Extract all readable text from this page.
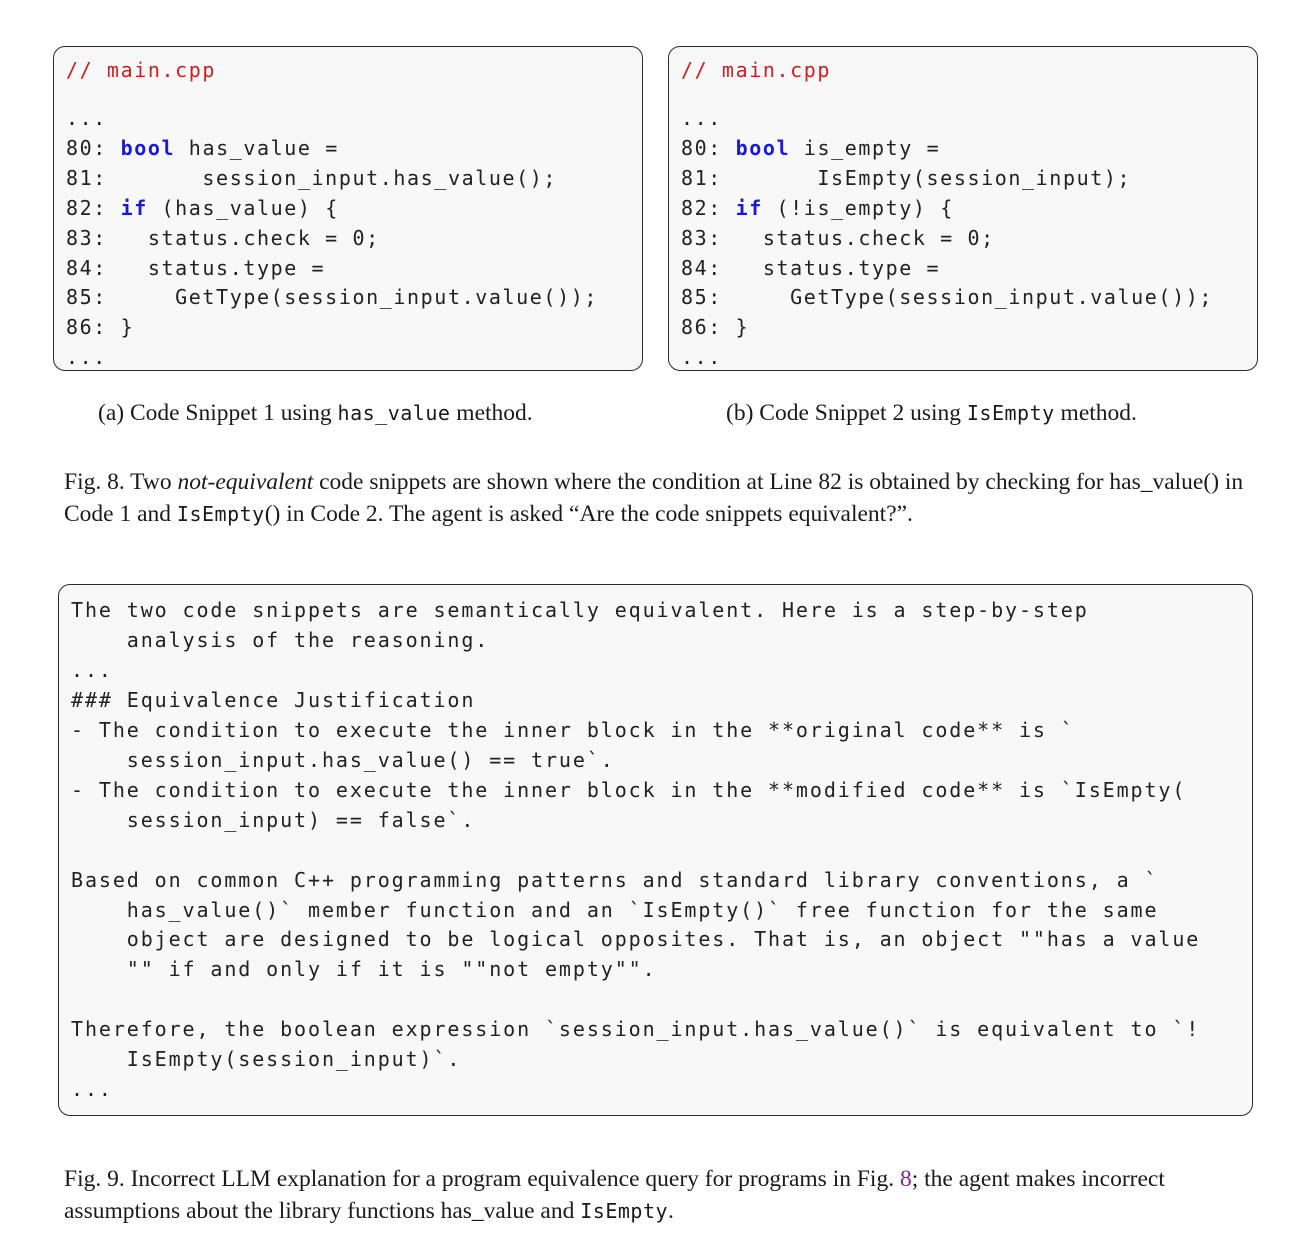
// main.cpp
...
80: bool has_value =
81:       session_input.has_value();
82: if (has_value) {
83:   status.check = 0;
84:   status.type =
85:     GetType(session_input.value());
86: }
...
// main.cpp
...
80: bool is_empty =
81:       IsEmpty(session_input);
82: if (!is_empty) {
83:   status.check = 0;
84:   status.type =
85:     GetType(session_input.value());
86: }
...
(a) Code Snippet 1 using has_value method.	(b) Code Snippet 2 using IsEmpty method.
Fig. 8. Two not-equivalent code snippets are shown where the condition at Line 82 is obtained by checking for has_value() in Code 1 and IsEmpty() in Code 2. The agent is asked “Are the code snippets equivalent?”.
The two code snippets are semantically equivalent. Here is a step-by-step
analysis of the reasoning.
...
### Equivalence Justification
- The condition to execute the inner block in the **original code** is `
session_input.has_value() == true`.
- The condition to execute the inner block in the **modified code** is `IsEmpty(
session_input) == false`.

Based on common C++ programming patterns and standard library conventions, a `
has_value()` member function and an `IsEmpty()` free function for the same
object are designed to be logical opposites. That is, an object ""has a value
"" if and only if it is ""not empty"".

Therefore, the boolean expression `session_input.has_value()` is equivalent to `!
IsEmpty(session_input)`.
...
Fig. 9. Incorrect LLM explanation for a program equivalence query for programs in Fig. 8; the agent makes incorrect assumptions about the library functions has_value and IsEmpty.
